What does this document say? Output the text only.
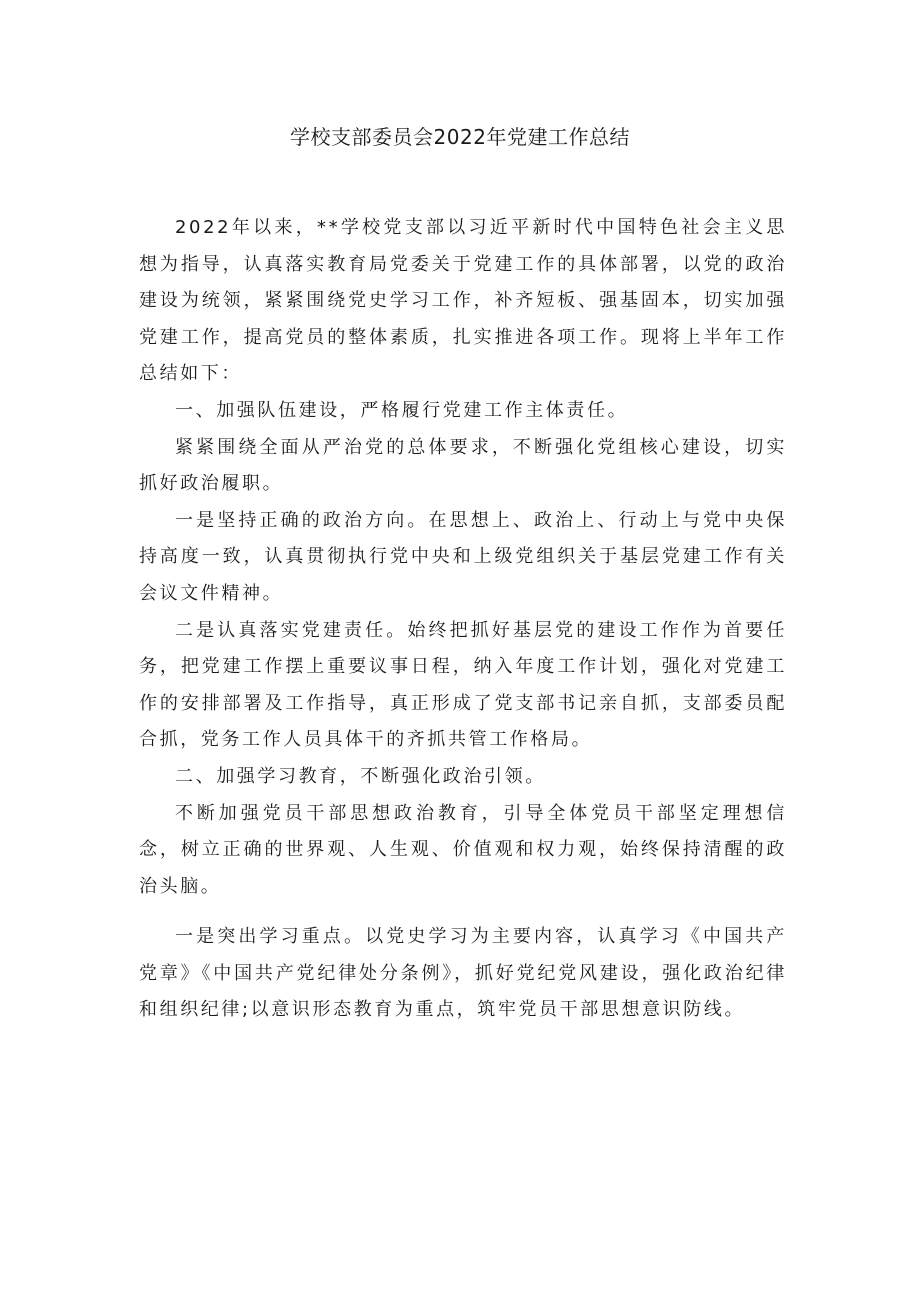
学校支部委员会2022年党建工作总结

2022年以来，**学校党支部以习近平新时代中国特色社会主义思想为指导，认真落实教育局党委关于党建工作的具体部署，以党的政治建设为统领，紧紧围绕党史学习工作，补齐短板、强基固本，切实加强党建工作，提高党员的整体素质，扎实推进各项工作。现将上半年工作总结如下：

一、加强队伍建设，严格履行党建工作主体责任。

紧紧围绕全面从严治党的总体要求，不断强化党组核心建设，切实抓好政治履职。

一是坚持正确的政治方向。在思想上、政治上、行动上与党中央保持高度一致，认真贯彻执行党中央和上级党组织关于基层党建工作有关会议文件精神。

二是认真落实党建责任。始终把抓好基层党的建设工作作为首要任务，把党建工作摆上重要议事日程，纳入年度工作计划，强化对党建工作的安排部署及工作指导，真正形成了党支部书记亲自抓，支部委员配合抓，党务工作人员具体干的齐抓共管工作格局。

二、加强学习教育，不断强化政治引领。

不断加强党员干部思想政治教育，引导全体党员干部坚定理想信念，树立正确的世界观、人生观、价值观和权力观，始终保持清醒的政治头脑。

一是突出学习重点。以党史学习为主要内容，认真学习《中国共产党章》《中国共产党纪律处分条例》，抓好党纪党风建设，强化政治纪律和组织纪律;以意识形态教育为重点，筑牢党员干部思想意识防线。
